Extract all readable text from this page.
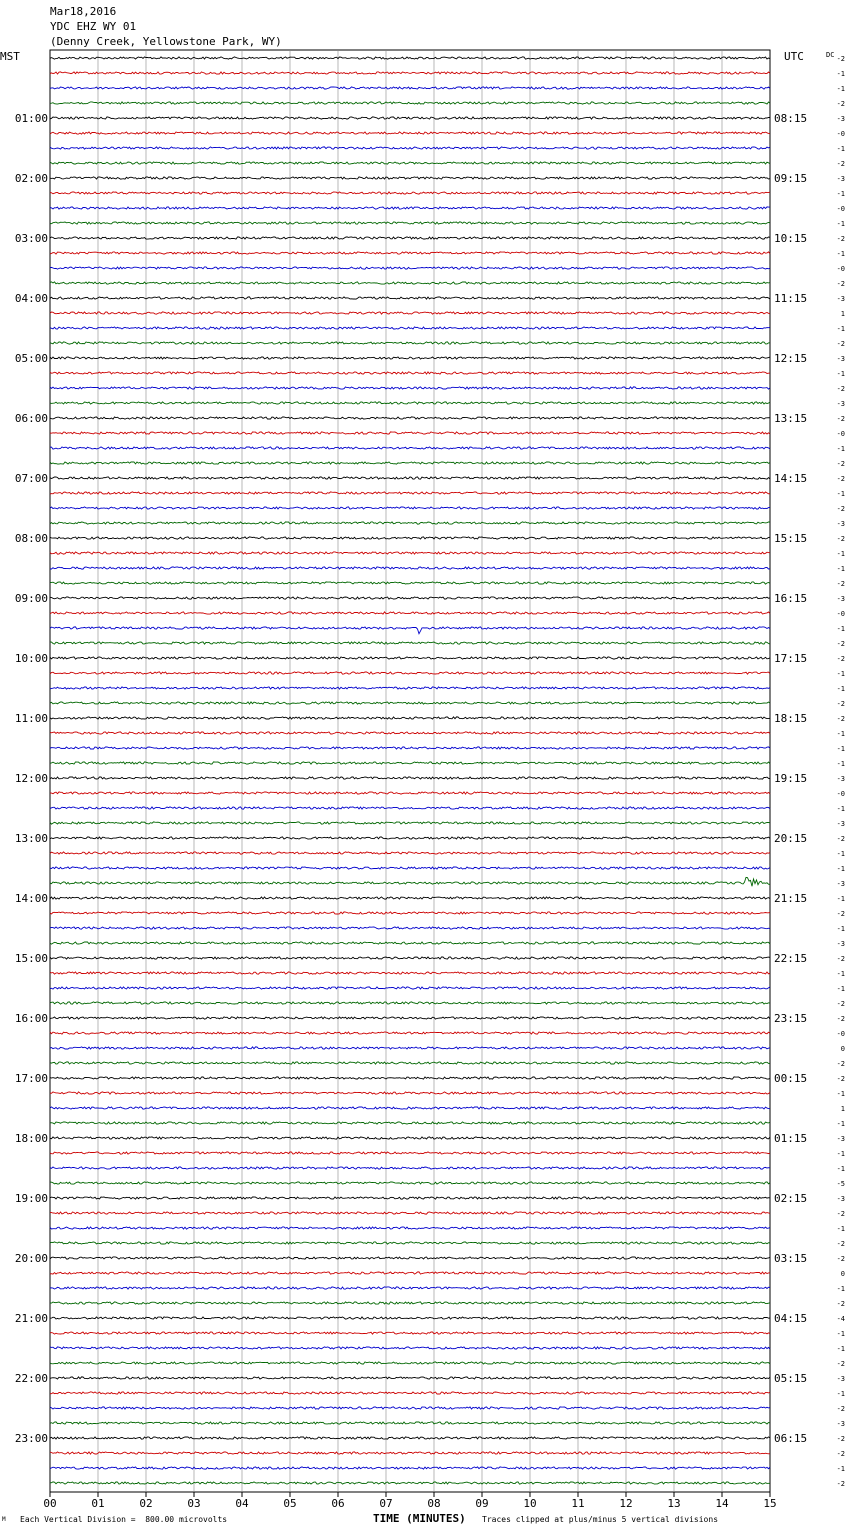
Mar18,2016
YDC EHZ WY 01
(Denny Creek, Yellowstone Park, WY)
MST	UTC	-2
-1
-1
-2
-3
-0
-1
-2
-3
-1
-0
-1
-2
-1
-0
-2
-3
1
-1
-2
-3
-1
-2
-3
-2
-0
-1
-2
-2
-1
-2
-3
-2
-1
-1
-2
-3
-0
-1
-2
-2
-1
-1
-2
-2
-1
-1
-1
-3
-0
-1
-3
-2
-1
-1
-3
-1
-2
-1
-3
-2
-1
-1
-2
-2
-0
0
-2
-2
-1
1
-1
-3
-1
-1
-5
-3
-2
-1
-2
-2
0
-1
-2
-4
-1
-1
-2
-3
-1
-2
-3
-2
-2
-1
-2
DC
01:00	08:15
02:00	09:15
03:00	10:15
04:00	11:15
05:00	12:15
06:00	13:15
07:00	14:15
08:00	15:15
09:00	16:15
10:00	17:15
11:00	18:15
12:00	19:15
13:00	20:15
14:00	21:15
15:00	22:15
16:00	23:15
17:00	00:15
18:00	01:15
19:00	02:15
20:00	03:15
21:00	04:15
22:00	05:15
23:00	06:15
00	01	02	03	04	05	06	07	08	09	10	11	12	13	14	15
M Each Vertical Division =  800.00 microvolts	TIME (MINUTES) Traces clipped at plus/minus 5 vertical divisions
